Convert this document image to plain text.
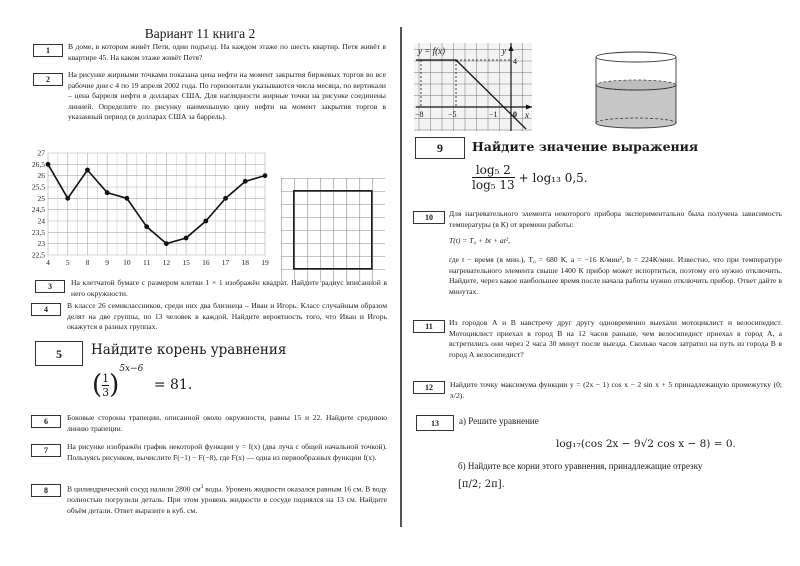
Вариант 11 книга 2
1	В доме, в котором живёт Петя, один подъезд. На каждом этаже по шесть квартир. Петя живёт в квартире 45. На каком этаже живёт Петя?
2
На рисунке жирными точками показана цена нефти на момент закрытия биржевых торгов во все рабочие дни с 4 по 19 апреля 2002 года. По горизонтали указываются числа месяца, по вертикали – цена барреля нефти в долларах США. Для наглядности жирные точки на рисунке соединены линией. Определите по рисунку наименьшую цену нефти на момент закрытия торгов в указанный период (в долларах США за баррель).
4 5 8 9 10 11 12 15 16 17 18 19
22,5
23
23,5
24
24,5
25
25,5
26
26,5
27
3	На клетчатой бумаге с размером клетки 1 × 1 изображён квадрат. Найдите радиус вписанной в него окружности.
4	В классе 26 семиклассников, среди них два близнеца – Иван и Игорь. Класс случайным образом делят на две группы, по 13 человек в каждой. Найдите вероятность того, что Иван и Игорь окажутся в разных группах.
5	Найдите корень уравнения
( $\frac{1}{3} )^{5x-6} = 81$.
6	Боковые стороны трапеции, описанной около окружности, равны 15 и 22. Найдите среднюю линию трапеции.
7	На рисунке изображён график некоторой функции y = f(x) (два луча с общей начальной точкой). Пользуясь рисунком, вычислите F(−1) − F(−8), где F(x) — одна из первообразных функции f(x).
8	В цилиндрический сосуд налили 2800 $см^3$ воды. Уровень жидкости оказался равным 16 см. В воду полностью погрузили деталь. При этом уровень жидкости в сосуде поднялся на 13 см. Найдите объём детали. Ответ выразите в куб. см.
y = f(x)	y
x
4
−8	−5	−1 0
9	Найдите значение выражения
$\frac{\text{log₅ 2}}{\text{log₅ 13}} + \log_{13}$ 0,5.
10	Для нагревательного элемента некоторого прибора экспериментально была получена зависимость температуры (в К) от времени работы:
T(t) = T₀ + bt + at²,
где t − время (в мин.), T₀ = 680 К, a = −16 К/мин², b = 224К/мин. Известно, что при температуре нагревательного элемента свыше 1400 К прибор может испортиться, поэтому его нужно отключить. Найдите, через какое наибольшее время после начала работы нужно отключить прибор. Ответ дайте в минутах.
11	Из городов А и В навстречу друг другу одновременно выехали мотоциклист и велосипедист. Мотоциклист приехал в город В на 12 часов раньше, чем велосипедист приехал в город А, а встретились они через 2 часа 30 минут после выезда. Сколько часов затратил на путь из города В в город А велосипедист?
12	Найдите точку максимума функции y = (2x − 1) cos x − 2 sin x + 5 принадлежащую промежутку (0; π/2).
13	а) Решите уравнение
log₁₇(cos 2x − 9√2 cos x − 8) = 0.
б) Найдите все корни этого уравнения, принадлежащие отрезку
[π/2; 2π].
